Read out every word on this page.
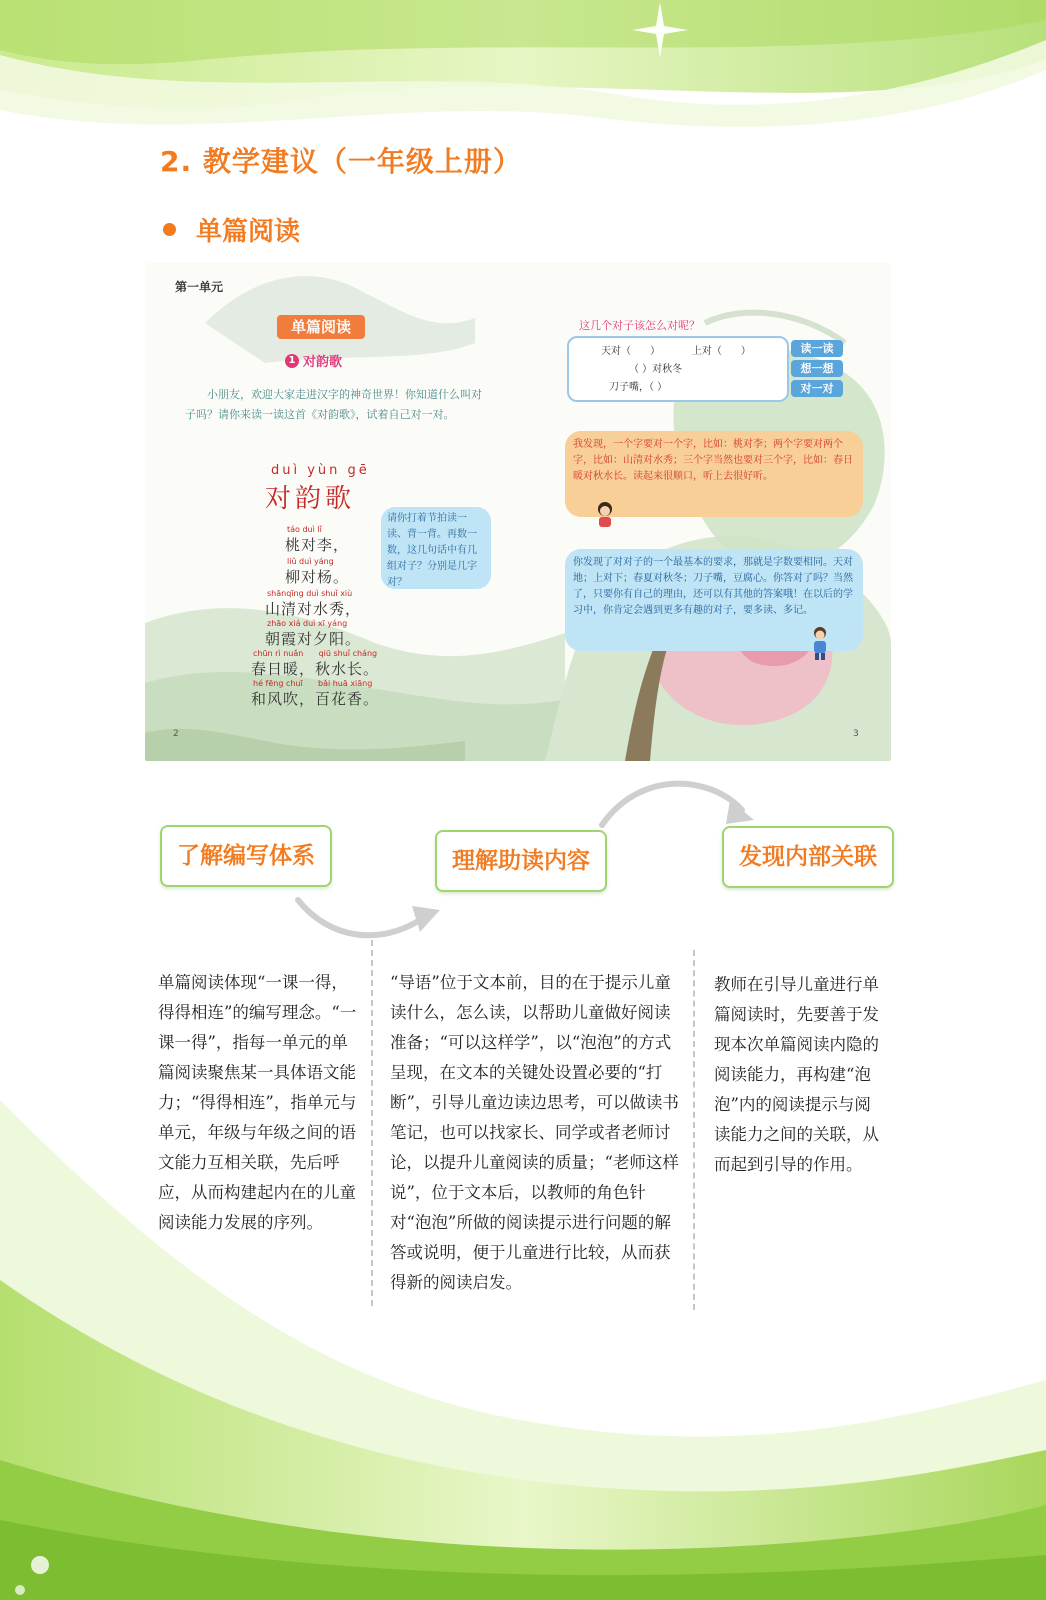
2. 教学建议（一年级上册）
单篇阅读
第一单元
单篇阅读
1 对韵歌
小朋友，欢迎大家走进汉字的神奇世界！你知道什么叫对子吗？请你来读一读这首《对韵歌》，试着自己对一对。
duì yùn gē
对韵歌
táo duì lǐ
桃对李，
liǔ duì yáng
柳对杨。
shānqīng duì shuǐ xiù
山清对水秀，
zhāo xiá duì xī yáng
朝霞对夕阳。
chūn rì nuǎn      qiū shuǐ cháng
春日暖，秋水长。
hé fēng chuī      bǎi huā xiāng
和风吹，百花香。
请你打着节拍读一读、背一背。再数一数，这几句话中有几组对子？分别是几字对？
这几个对子该怎么对呢？
天对（      ）          上对（      ）
（ ）对秋冬
刀子嘴，（ ）
读一读
想一想
对一对
我发现，一个字要对一个字，比如：桃对李；两个字要对两个字，比如：山清对水秀；三个字当然也要对三个字，比如：春日暖对秋水长。读起来很顺口，听上去很好听。
你发现了对对子的一个最基本的要求，那就是字数要相同。天对地；上对下；春夏对秋冬；刀子嘴，豆腐心。你答对了吗？当然了，只要你有自己的理由，还可以有其他的答案哦！在以后的学习中，你肯定会遇到更多有趣的对子，要多读、多记。
2	3
了解编写体系	理解助读内容	发现内部关联
单篇阅读体现“一课一得，得得相连”的编写理念。“一课一得”，指每一单元的单篇阅读聚焦某一具体语文能力；“得得相连”，指单元与单元，年级与年级之间的语文能力互相关联，先后呼应，从而构建起内在的儿童阅读能力发展的序列。
“导语”位于文本前，目的在于提示儿童读什么，怎么读，以帮助儿童做好阅读准备；“可以这样学”，以“泡泡”的方式呈现，在文本的关键处设置必要的“打断”，引导儿童边读边思考，可以做读书笔记，也可以找家长、同学或者老师讨论，以提升儿童阅读的质量；“老师这样说”，位于文本后，以教师的角色针对“泡泡”所做的阅读提示进行问题的解答或说明，便于儿童进行比较，从而获得新的阅读启发。
教师在引导儿童进行单篇阅读时，先要善于发现本次单篇阅读内隐的阅读能力，再构建“泡泡”内的阅读提示与阅读能力之间的关联，从而起到引导的作用。
